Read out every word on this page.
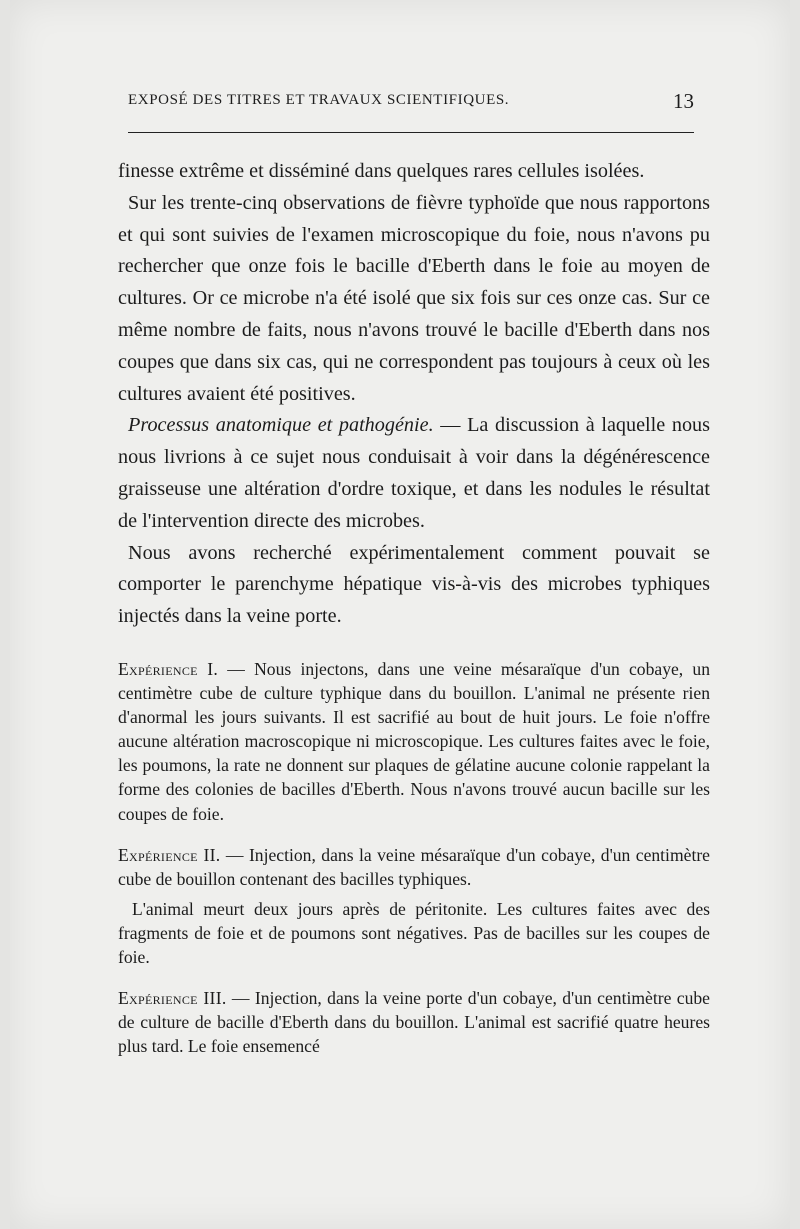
EXPOSÉ DES TITRES ET TRAVAUX SCIENTIFIQUES.	13

finesse extrême et disséminé dans quelques rares cellules isolées.

Sur les trente-cinq observations de fièvre typhoïde que nous rapportons et qui sont suivies de l'examen microscopique du foie, nous n'avons pu rechercher que onze fois le bacille d'Eberth dans le foie au moyen de cultures. Or ce microbe n'a été isolé que six fois sur ces onze cas. Sur ce même nombre de faits, nous n'avons trouvé le bacille d'Eberth dans nos coupes que dans six cas, qui ne correspondent pas toujours à ceux où les cultures avaient été positives.

Processus anatomique et pathogénie. — La discussion à laquelle nous nous livrions à ce sujet nous conduisait à voir dans la dégénérescence graisseuse une altération d'ordre toxique, et dans les nodules le résultat de l'intervention directe des microbes.

Nous avons recherché expérimentalement comment pouvait se comporter le parenchyme hépatique vis-à-vis des microbes typhiques injectés dans la veine porte.

Expérience I. — Nous injectons, dans une veine mésaraïque d'un cobaye, un centimètre cube de culture typhique dans du bouillon. L'animal ne présente rien d'anormal les jours suivants. Il est sacrifié au bout de huit jours. Le foie n'offre aucune altération macroscopique ni microscopique. Les cultures faites avec le foie, les poumons, la rate ne donnent sur plaques de gélatine aucune colonie rappelant la forme des colonies de bacilles d'Eberth. Nous n'avons trouvé aucun bacille sur les coupes de foie.

Expérience II. — Injection, dans la veine mésaraïque d'un cobaye, d'un centimètre cube de bouillon contenant des bacilles typhiques.

L'animal meurt deux jours après de péritonite. Les cultures faites avec des fragments de foie et de poumons sont négatives. Pas de bacilles sur les coupes de foie.

Expérience III. — Injection, dans la veine porte d'un cobaye, d'un centimètre cube de culture de bacille d'Eberth dans du bouillon. L'animal est sacrifié quatre heures plus tard. Le foie ensemencé
